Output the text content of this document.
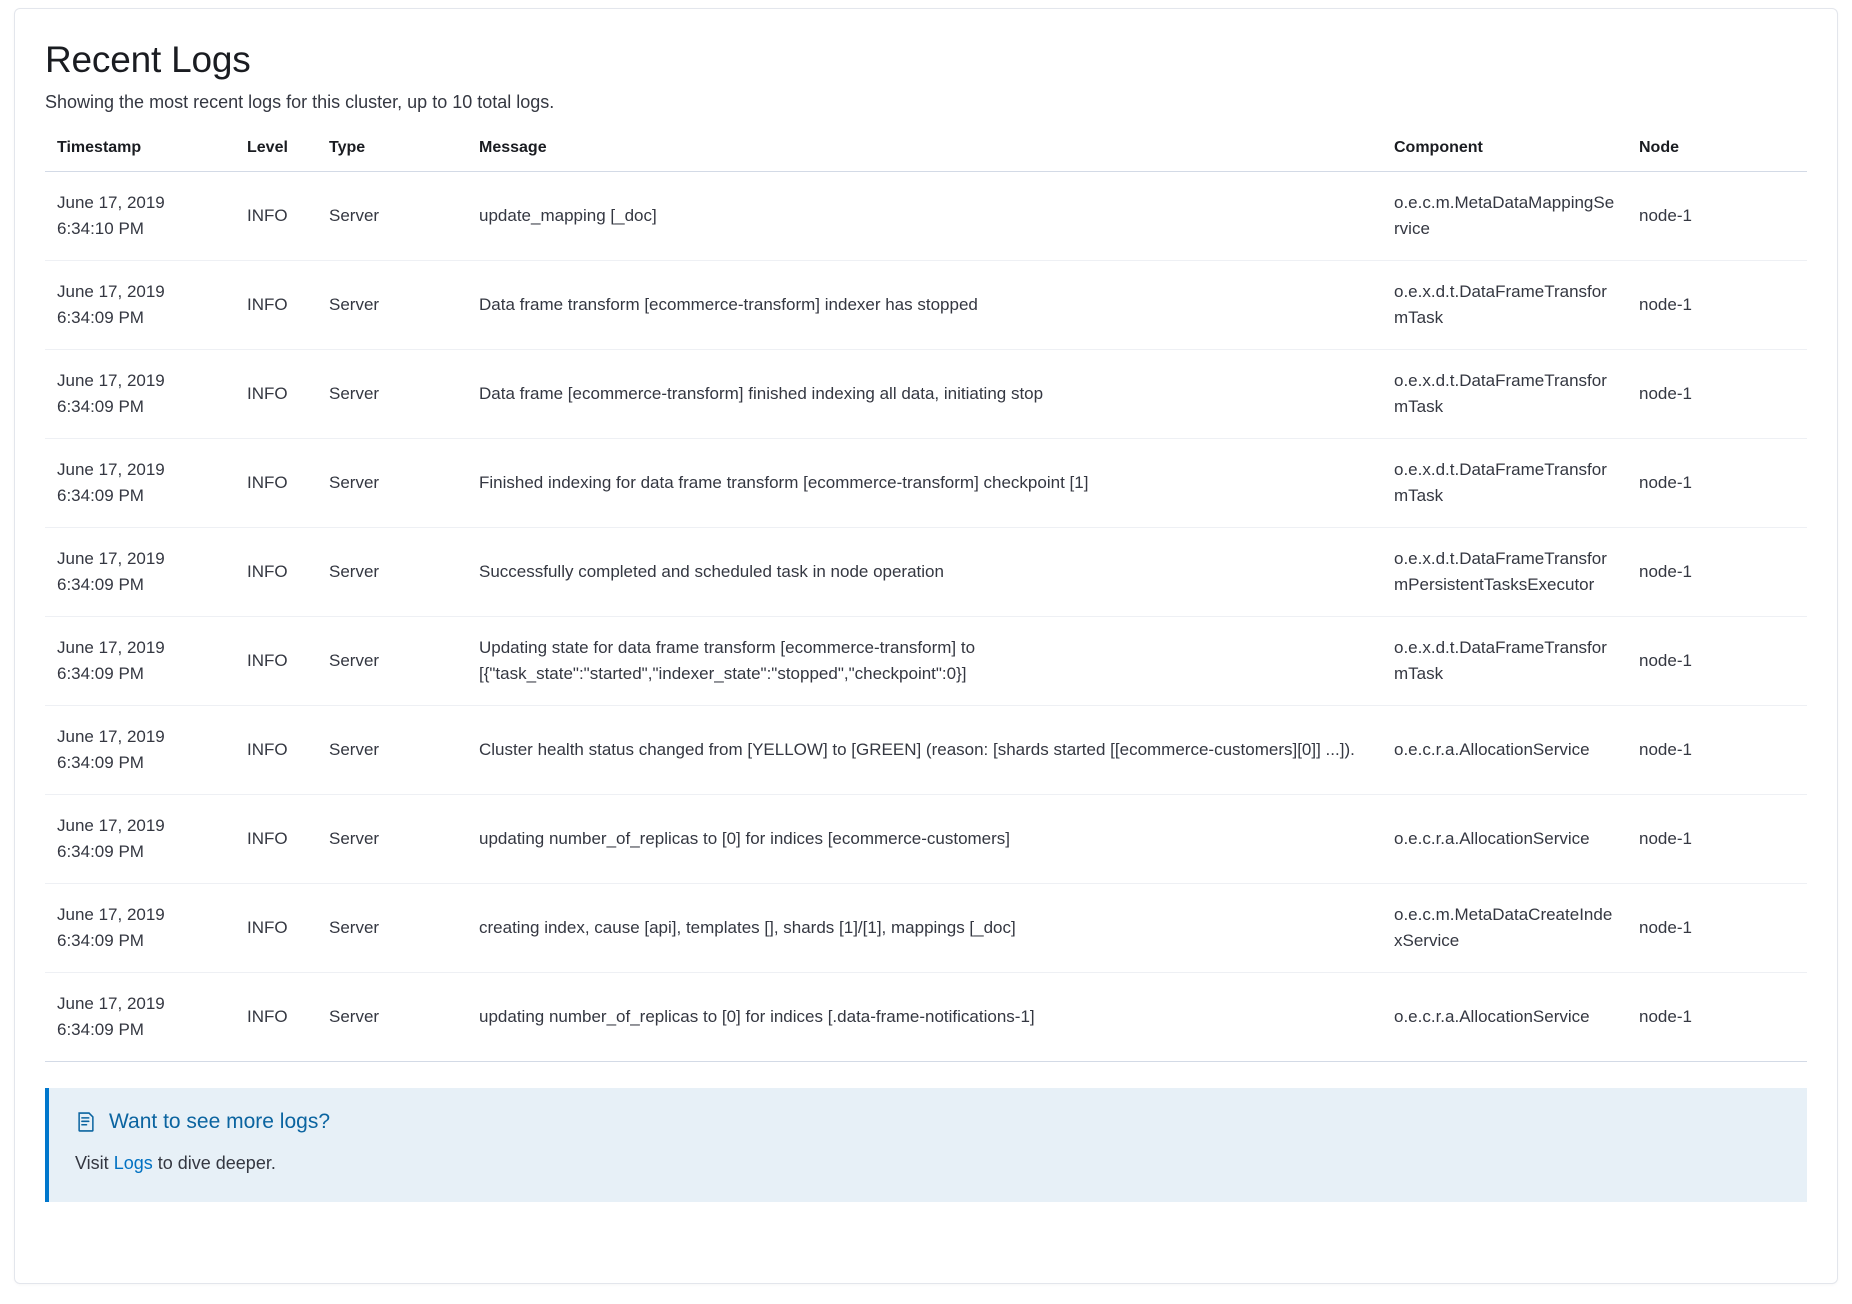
Recent Logs
Showing the most recent logs for this cluster, up to 10 total logs.
Timestamp	Level	Type	Message	Component	Node

June 17, 2019
6:34:10 PM	INFO	Server	update_mapping [_doc]	o.e.c.m.MetaDataMappingService	node-1

June 17, 2019
6:34:09 PM	INFO	Server	Data frame transform [ecommerce-transform] indexer has stopped	o.e.x.d.t.DataFrameTransformTask	node-1

June 17, 2019
6:34:09 PM	INFO	Server	Data frame [ecommerce-transform] finished indexing all data, initiating stop	o.e.x.d.t.DataFrameTransformTask	node-1

June 17, 2019
6:34:09 PM	INFO	Server	Finished indexing for data frame transform [ecommerce-transform] checkpoint [1]	o.e.x.d.t.DataFrameTransformTask	node-1

June 17, 2019
6:34:09 PM	INFO	Server	Successfully completed and scheduled task in node operation	o.e.x.d.t.DataFrameTransformPersistentTasksExecutor	node-1

June 17, 2019
6:34:09 PM	INFO	Server	Updating state for data frame transform [ecommerce-transform] to [{"task_state":"started","indexer_state":"stopped","checkpoint":0}]	o.e.x.d.t.DataFrameTransformTask	node-1

June 17, 2019
6:34:09 PM	INFO	Server	Cluster health status changed from [YELLOW] to [GREEN] (reason: [shards started [[ecommerce-customers][0]] ...]).	o.e.c.r.a.AllocationService	node-1

June 17, 2019
6:34:09 PM	INFO	Server	updating number_of_replicas to [0] for indices [ecommerce-customers]	o.e.c.r.a.AllocationService	node-1

June 17, 2019
6:34:09 PM	INFO	Server	creating index, cause [api], templates [], shards [1]/[1], mappings [_doc]	o.e.c.m.MetaDataCreateIndexService	node-1

June 17, 2019
6:34:09 PM	INFO	Server	updating number_of_replicas to [0] for indices [.data-frame-notifications-1]	o.e.c.r.a.AllocationService	node-1
Want to see more logs?
Visit Logs to dive deeper.
